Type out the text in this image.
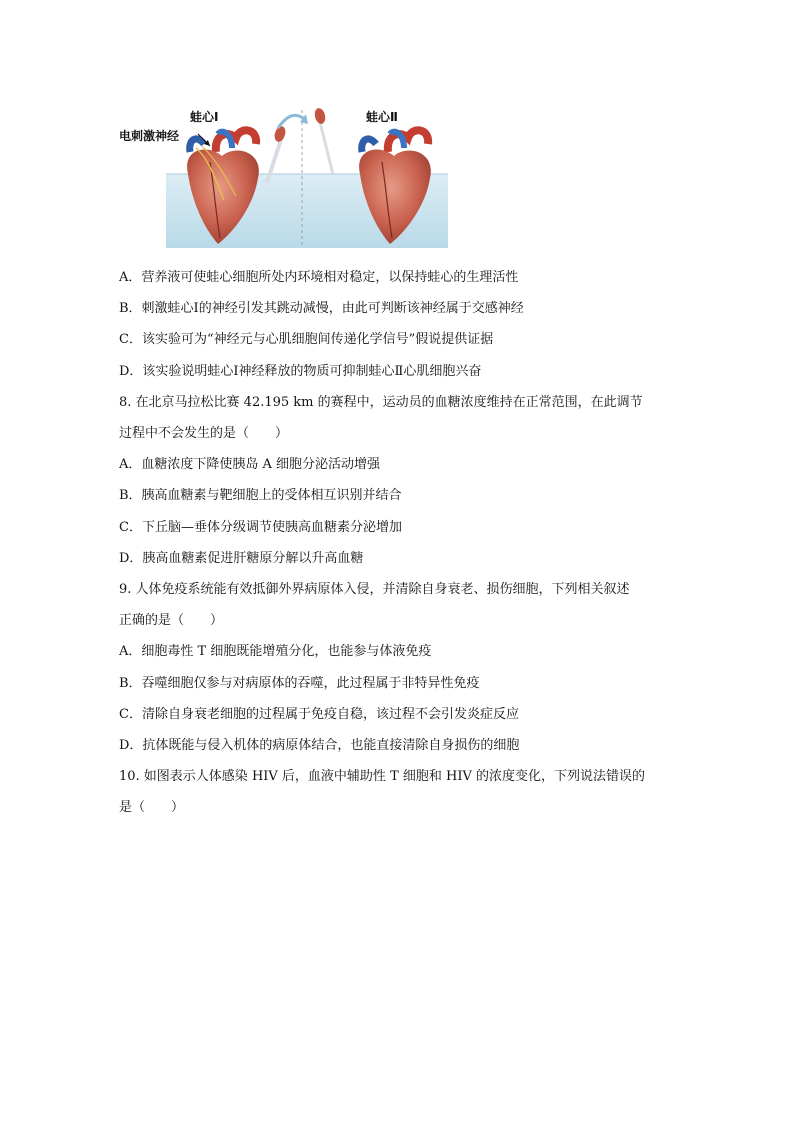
蛙心Ⅰ	蛙心Ⅱ
电刺激神经
A．营养液可使蛙心细胞所处内环境相对稳定，以保持蛙心的生理活性
B．刺激蛙心Ⅰ的神经引发其跳动减慢，由此可判断该神经属于交感神经
C．该实验可为“神经元与心肌细胞间传递化学信号”假说提供证据
D．该实验说明蛙心Ⅰ神经释放的物质可抑制蛙心Ⅱ心肌细胞兴奋
8. 在北京马拉松比赛 42.195 km 的赛程中，运动员的血糖浓度维持在正常范围，在此调节
过程中不会发生的是（　　）
A．血糖浓度下降使胰岛 A 细胞分泌活动增强
B．胰高血糖素与靶细胞上的受体相互识别并结合
C．下丘脑—垂体分级调节使胰高血糖素分泌增加
D．胰高血糖素促进肝糖原分解以升高血糖
9. 人体免疫系统能有效抵御外界病原体入侵，并清除自身衰老、损伤细胞，下列相关叙述
正确的是（　　）
A．细胞毒性 T 细胞既能增殖分化，也能参与体液免疫
B．吞噬细胞仅参与对病原体的吞噬，此过程属于非特异性免疫
C．清除自身衰老细胞的过程属于免疫自稳，该过程不会引发炎症反应
D．抗体既能与侵入机体的病原体结合，也能直接清除自身损伤的细胞
10. 如图表示人体感染 HIV 后，血液中辅助性 T 细胞和 HIV 的浓度变化，下列说法错误的
是（　　）
